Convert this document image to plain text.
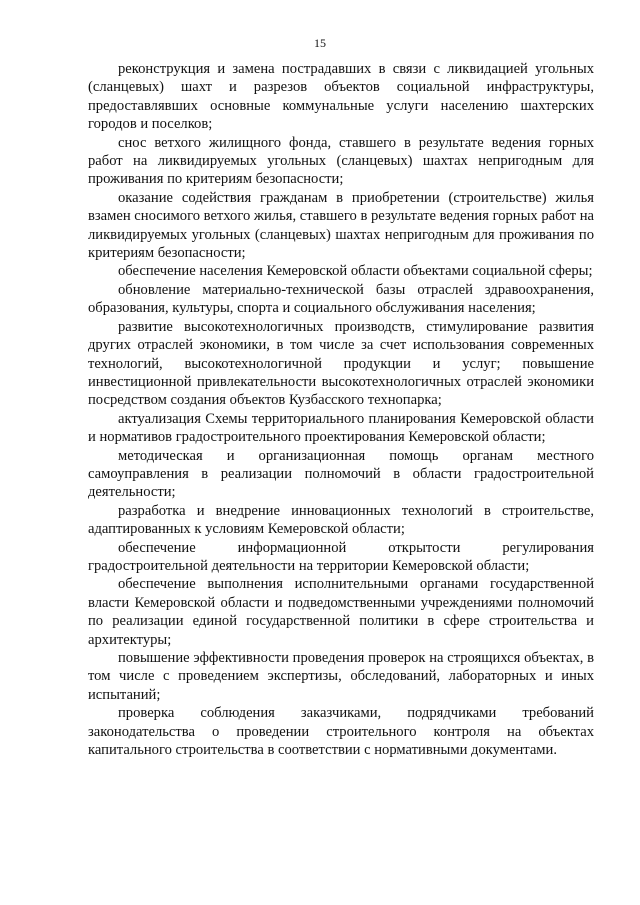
15

реконструкция и замена пострадавших в связи с ликвидацией угольных (сланцевых) шахт и разрезов объектов социальной инфраструктуры, предоставлявших основные коммунальные услуги населению шахтерских городов и поселков;

снос ветхого жилищного фонда, ставшего в результате ведения горных работ на ликвидируемых угольных (сланцевых) шахтах непригодным для проживания по критериям безопасности;

оказание содействия гражданам в приобретении (строительстве) жилья взамен сносимого ветхого жилья, ставшего в результате ведения горных работ на ликвидируемых угольных (сланцевых) шахтах непригодным для проживания по критериям безопасности;

обеспечение населения Кемеровской области объектами социальной сферы;

обновление материально-технической базы отраслей здравоохранения, образования, культуры, спорта и социального обслуживания населения;

развитие высокотехнологичных производств, стимулирование развития других отраслей экономики, в том числе за счет использования современных технологий, высокотехнологичной продукции и услуг; повышение инвестиционной привлекательности высокотехнологичных отраслей экономики посредством создания объектов Кузбасского технопарка;

актуализация Схемы территориального планирования Кемеровской области и нормативов градостроительного проектирования Кемеровской области;

методическая и организационная помощь органам местного самоуправления в реализации полномочий в области градостроительной деятельности;

разработка и внедрение инновационных технологий в строительстве, адаптированных к условиям Кемеровской области;

обеспечение информационной открытости регулирования градостроительной деятельности на территории Кемеровской области;

обеспечение выполнения исполнительными органами государственной власти Кемеровской области и подведомственными учреждениями полномочий по реализации единой государственной политики в сфере строительства и архитектуры;

повышение эффективности проведения проверок на строящихся объектах, в том числе с проведением экспертизы, обследований, лабораторных и иных испытаний;

проверка соблюдения заказчиками, подрядчиками требований законодательства о проведении строительного контроля на объектах капитального строительства в соответствии с нормативными документами.
